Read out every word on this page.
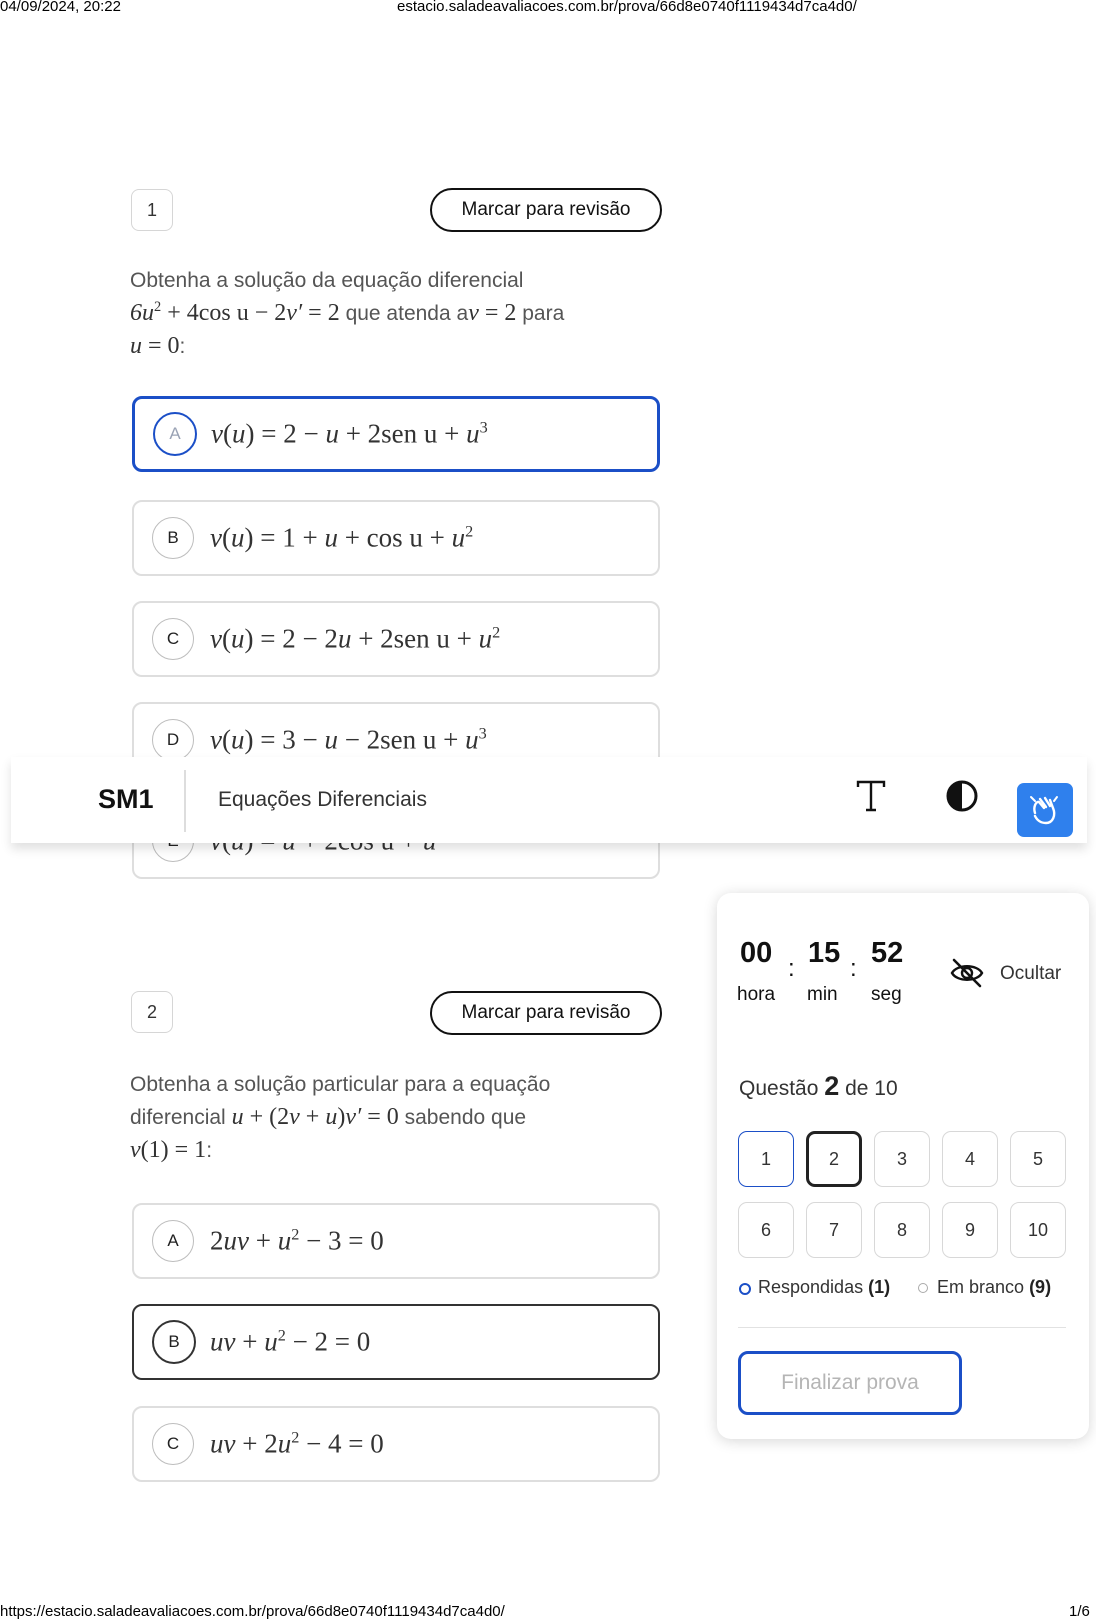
04/09/2024, 20:22	estacio.saladeavaliacoes.com.br/prova/66d8e0740f1119434d7ca4d0/
1	Marcar para revisão
Obtenha a solução da equação diferencial
$6u^2 + 4\cos$ u − 2v′ = 2 que atenda av = 2 para
u = 0:
A	v(u) = 2 − u + 2sen $u + u^3$
B	$v(u) = 1 + u + \cos u + u^2$
C	v(u) = 2 − 2u + 2sen $u + u^2$
D	v(u) = 3 − u − 2sen $u + u^3$
SM1	Equações Diferenciais
2	Marcar para revisão
Obtenha a solução particular para a equação
diferencial u + (2v + u)v′ = 0 sabendo que
v(1) = 1:
A	$2uv + u^2 - 3 = 0$
B	uv + $u^2 - 2 = 0$
C	uv + $2u^2 - 4 = 0$
00 : 15 : 52
hora min seg
Ocultar
Questão 2 de 10
1	2	3	4	5
6	7	8	9	10
Respondidas (1)	Em branco (9)
Finalizar prova
https://estacio.saladeavaliacoes.com.br/prova/66d8e0740f1119434d7ca4d0/	1/6
